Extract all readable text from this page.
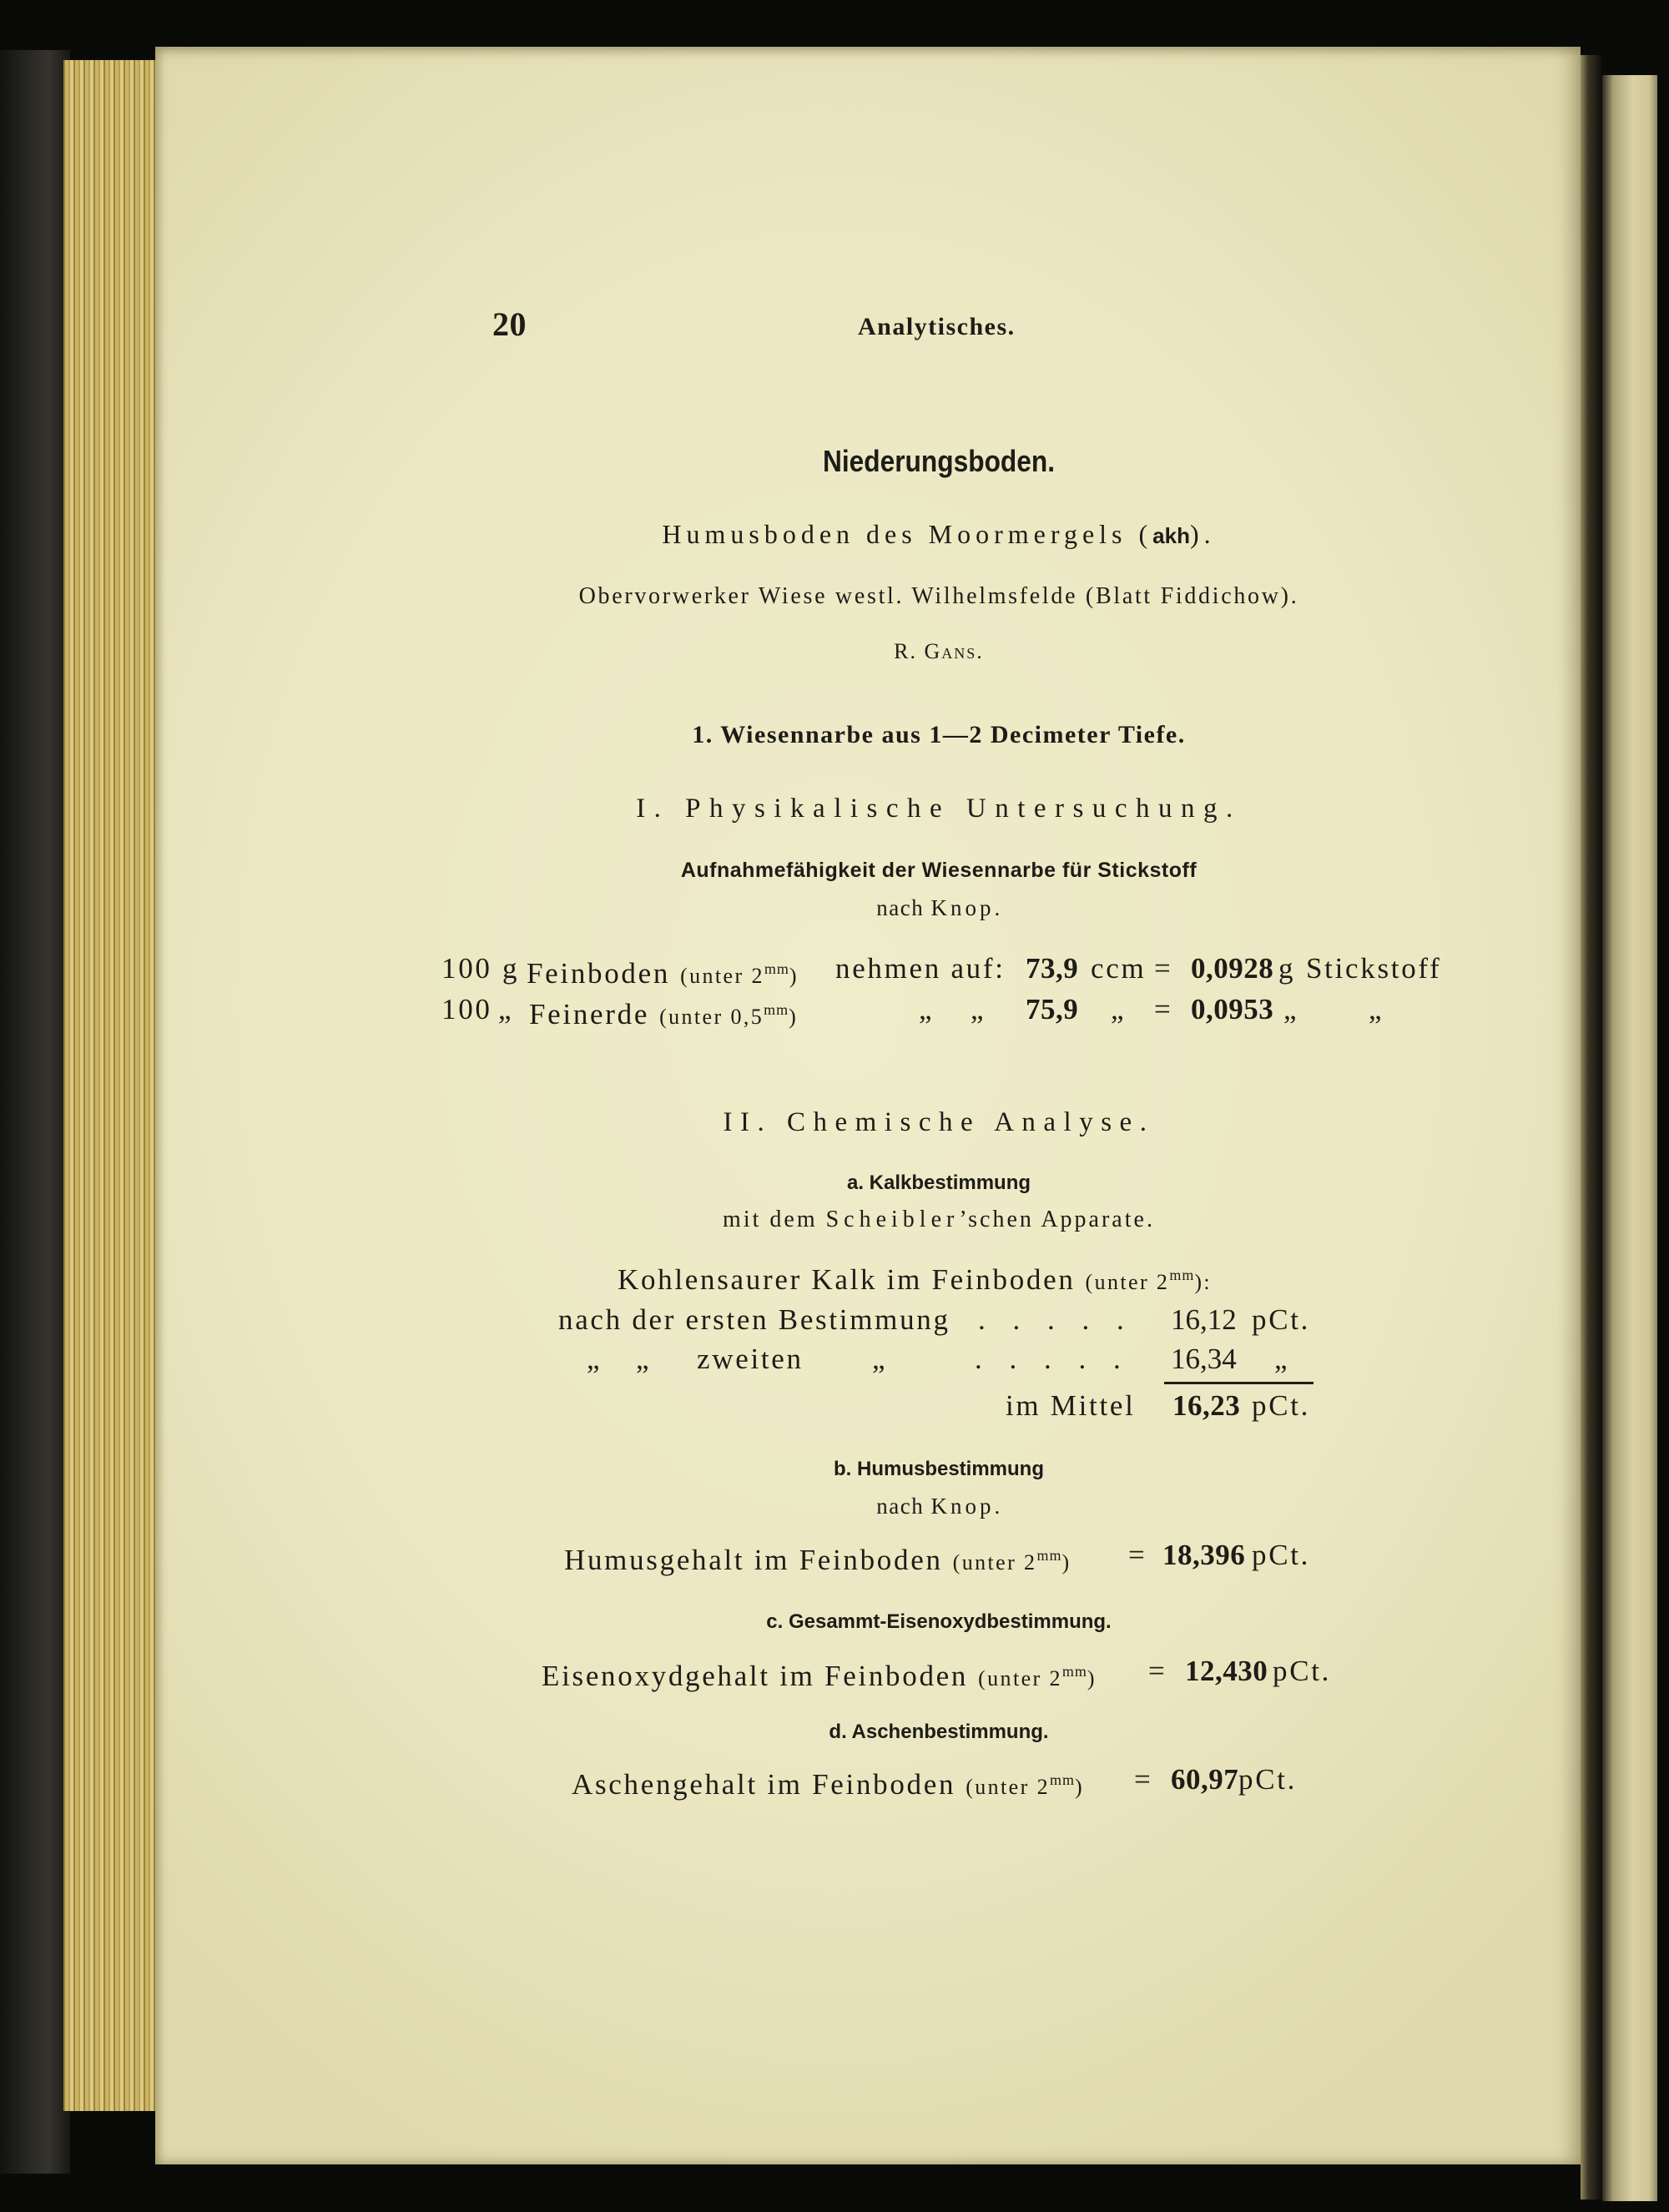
20	Analytisches.
Niederungsboden.
Humusboden des Moormergels (akh).
Obervorwerker Wiese westl. Wilhelmsfelde (Blatt Fiddichow).
R. Gans.
1. Wiesennarbe aus 1—2 Decimeter Tiefe.
I. Physikalische Untersuchung.
Aufnahmefähigkeit der Wiesennarbe für Stickstoff
nach Knop.
100 g Feinboden (unter $2^{mm}$) nehmen auf: 73,9 ccm = 0,0928 g Stickstoff
100 „ Feinerde (unter $0,5^{mm}$)	„ „ 75,9 „ = 0,0953 „ „
II. Chemische Analyse.
a. Kalkbestimmung
mit dem Scheibler’schen Apparate.
Kohlensaurer Kalk im Feinboden (unter $2^{mm}$):
nach der ersten Bestimmung . . . . . 16,12 pCt.
„ „ zweiten „	. . . . . 16,34 „
im Mittel 16,23 pCt.
b. Humusbestimmung
nach Knop.
Humusgehalt im Feinboden (unter $2^{mm}) = 18,396$ pCt.
c. Gesammt-Eisenoxydbestimmung.
Eisenoxydgehalt im Feinboden (unter $2^{mm}) = 12,430$ pCt.
d. Aschenbestimmung.
Aschengehalt im Feinboden (unter $2^{mm}) = 60,97$ pCt.
